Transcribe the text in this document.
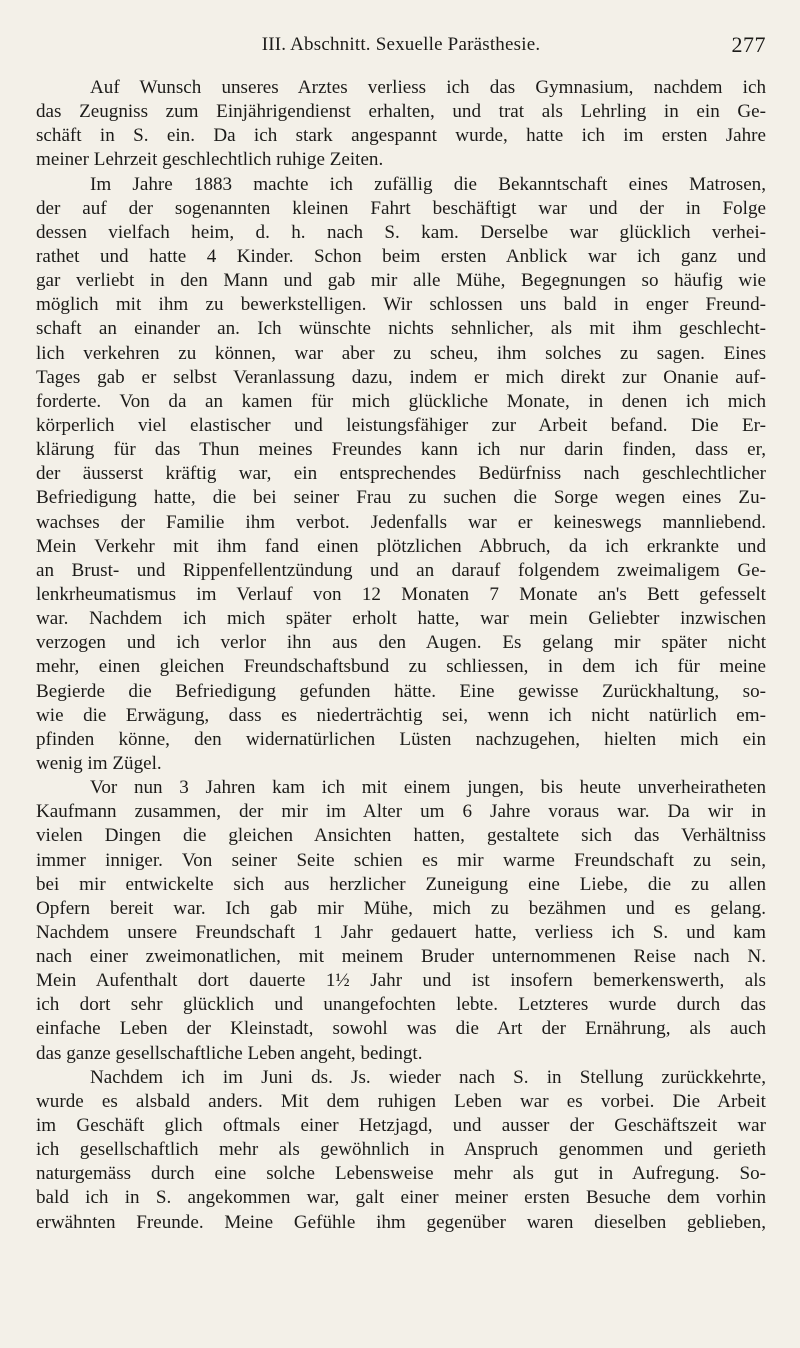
III. Abschnitt. Sexuelle Parästhesie.	277
Auf Wunsch unseres Arztes verliess ich das Gymnasium, nachdem ich
das Zeugniss zum Einjährigendienst erhalten, und trat als Lehrling in ein Ge-
schäft in S. ein. Da ich stark angespannt wurde, hatte ich im ersten Jahre
meiner Lehrzeit geschlechtlich ruhige Zeiten.
Im Jahre 1883 machte ich zufällig die Bekanntschaft eines Matrosen,
der auf der sogenannten kleinen Fahrt beschäftigt war und der in Folge
dessen vielfach heim, d. h. nach S. kam. Derselbe war glücklich verhei-
rathet und hatte 4 Kinder. Schon beim ersten Anblick war ich ganz und
gar verliebt in den Mann und gab mir alle Mühe, Begegnungen so häufig wie
möglich mit ihm zu bewerkstelligen. Wir schlossen uns bald in enger Freund-
schaft an einander an. Ich wünschte nichts sehnlicher, als mit ihm geschlecht-
lich verkehren zu können, war aber zu scheu, ihm solches zu sagen. Eines
Tages gab er selbst Veranlassung dazu, indem er mich direkt zur Onanie auf-
forderte. Von da an kamen für mich glückliche Monate, in denen ich mich
körperlich viel elastischer und leistungsfähiger zur Arbeit befand. Die Er-
klärung für das Thun meines Freundes kann ich nur darin finden, dass er,
der äusserst kräftig war, ein entsprechendes Bedürfniss nach geschlechtlicher
Befriedigung hatte, die bei seiner Frau zu suchen die Sorge wegen eines Zu-
wachses der Familie ihm verbot. Jedenfalls war er keineswegs mannliebend.
Mein Verkehr mit ihm fand einen plötzlichen Abbruch, da ich erkrankte und
an Brust- und Rippenfellentzündung und an darauf folgendem zweimaligem Ge-
lenkrheumatismus im Verlauf von 12 Monaten 7 Monate an's Bett gefesselt
war. Nachdem ich mich später erholt hatte, war mein Geliebter inzwischen
verzogen und ich verlor ihn aus den Augen. Es gelang mir später nicht
mehr, einen gleichen Freundschaftsbund zu schliessen, in dem ich für meine
Begierde die Befriedigung gefunden hätte. Eine gewisse Zurückhaltung, so-
wie die Erwägung, dass es niederträchtig sei, wenn ich nicht natürlich em-
pfinden könne, den widernatürlichen Lüsten nachzugehen, hielten mich ein
wenig im Zügel.
Vor nun 3 Jahren kam ich mit einem jungen, bis heute unverheiratheten
Kaufmann zusammen, der mir im Alter um 6 Jahre voraus war. Da wir in
vielen Dingen die gleichen Ansichten hatten, gestaltete sich das Verhältniss
immer inniger. Von seiner Seite schien es mir warme Freundschaft zu sein,
bei mir entwickelte sich aus herzlicher Zuneigung eine Liebe, die zu allen
Opfern bereit war. Ich gab mir Mühe, mich zu bezähmen und es gelang.
Nachdem unsere Freundschaft 1 Jahr gedauert hatte, verliess ich S. und kam
nach einer zweimonatlichen, mit meinem Bruder unternommenen Reise nach N.
Mein Aufenthalt dort dauerte 1½ Jahr und ist insofern bemerkenswerth, als
ich dort sehr glücklich und unangefochten lebte. Letzteres wurde durch das
einfache Leben der Kleinstadt, sowohl was die Art der Ernährung, als auch
das ganze gesellschaftliche Leben angeht, bedingt.
Nachdem ich im Juni ds. Js. wieder nach S. in Stellung zurückkehrte,
wurde es alsbald anders. Mit dem ruhigen Leben war es vorbei. Die Arbeit
im Geschäft glich oftmals einer Hetzjagd, und ausser der Geschäftszeit war
ich gesellschaftlich mehr als gewöhnlich in Anspruch genommen und gerieth
naturgemäss durch eine solche Lebensweise mehr als gut in Aufregung. So-
bald ich in S. angekommen war, galt einer meiner ersten Besuche dem vorhin
erwähnten Freunde. Meine Gefühle ihm gegenüber waren dieselben geblieben,
